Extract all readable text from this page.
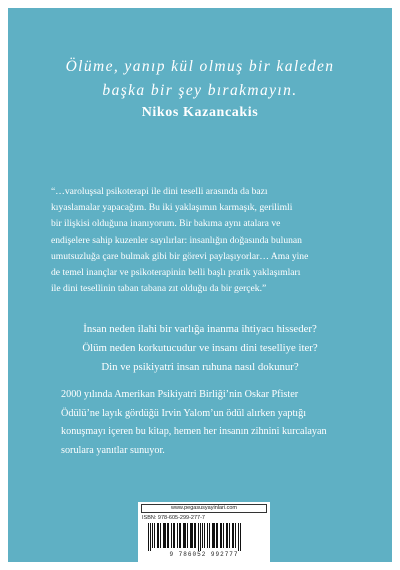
Ölüme, yanıp kül olmuş bir kaleden
başka bir şey bırakmayın.
Nikos Kazancakis
“…varoluşsal psikoterapi ile dini teselli arasında da bazı
kıyaslamalar yapacağım. Bu iki yaklaşımın karmaşık, gerilimli
bir ilişkisi olduğuna inanıyorum. Bir bakıma aynı atalara ve
endişelere sahip kuzenler sayılırlar: insanlığın doğasında bulunan
umutsuzluğa çare bulmak gibi bir görevi paylaşıyorlar… Ama yine
de temel inançlar ve psikoterapinin belli başlı pratik yaklaşımları
ile dini tesellinin taban tabana zıt olduğu da bir gerçek.”
İnsan neden ilahi bir varlığa inanma ihtiyacı hisseder?
Ölüm neden korkutucudur ve insanı dini teselliye iter?
Din ve psikiyatri insan ruhuna nasıl dokunur?
2000 yılında Amerikan Psikiyatri Birliği’nin Oskar Pfister
Ödülü’ne layık gördüğü Irvin Yalom’un ödül alırken yaptığı
konuşmayı içeren bu kitap, hemen her insanın zihnini kurcalayan
sorulara yanıtlar sunuyor.
www.pegasusyayinlari.com
ISBN: 978-605-299-277-7
9 786052 992777
